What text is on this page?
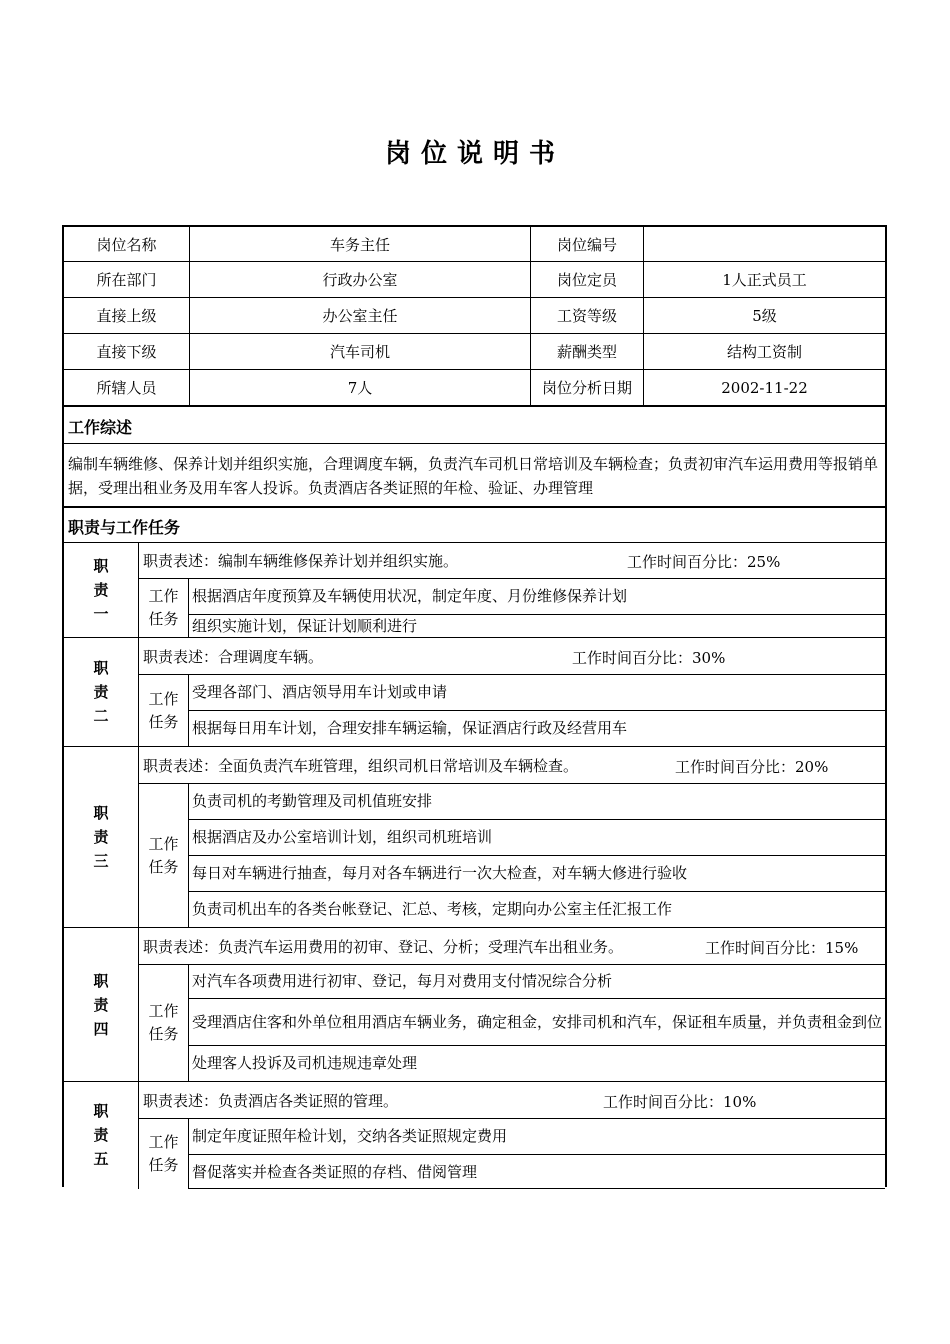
岗位说明书
岗位名称	车务主任	岗位编号
所在部门	行政办公室	岗位定员	1人正式员工
直接上级	办公室主任	工资等级	5级
直接下级	汽车司机	薪酬类型	结构工资制
所辖人员	7人	岗位分析日期	2002-11-22
工作综述
编制车辆维修、保养计划并组织实施，合理调度车辆，负责汽车司机日常培训及车辆检查；负责初审汽车运用费用等报销单据，受理出租业务及用车客人投诉。负责酒店各类证照的年检、验证、办理管理
职责与工作任务
职
责
一
职责表述：编制车辆维修保养计划并组织实施。	工作时间百分比：25%
工作
任务
根据酒店年度预算及车辆使用状况，制定年度、月份维修保养计划
组织实施计划，保证计划顺利进行
职
责
二
职责表述：合理调度车辆。	工作时间百分比：30%
工作
任务
受理各部门、酒店领导用车计划或申请
根据每日用车计划，合理安排车辆运输，保证酒店行政及经营用车
职
责
三
职责表述：全面负责汽车班管理，组织司机日常培训及车辆检查。	工作时间百分比：20%
工作
任务
负责司机的考勤管理及司机值班安排
根据酒店及办公室培训计划，组织司机班培训
每日对车辆进行抽查，每月对各车辆进行一次大检查，对车辆大修进行验收
负责司机出车的各类台帐登记、汇总、考核，定期向办公室主任汇报工作
职
责
四
职责表述：负责汽车运用费用的初审、登记、分析；受理汽车出租业务。	工作时间百分比：15%
工作
任务
对汽车各项费用进行初审、登记，每月对费用支付情况综合分析
受理酒店住客和外单位租用酒店车辆业务，确定租金，安排司机和汽车，保证租车质量，并负责租金到位
处理客人投诉及司机违规违章处理
职
责
五
职责表述：负责酒店各类证照的管理。	工作时间百分比：10%
工作
任务
制定年度证照年检计划，交纳各类证照规定费用
督促落实并检查各类证照的存档、借阅管理
